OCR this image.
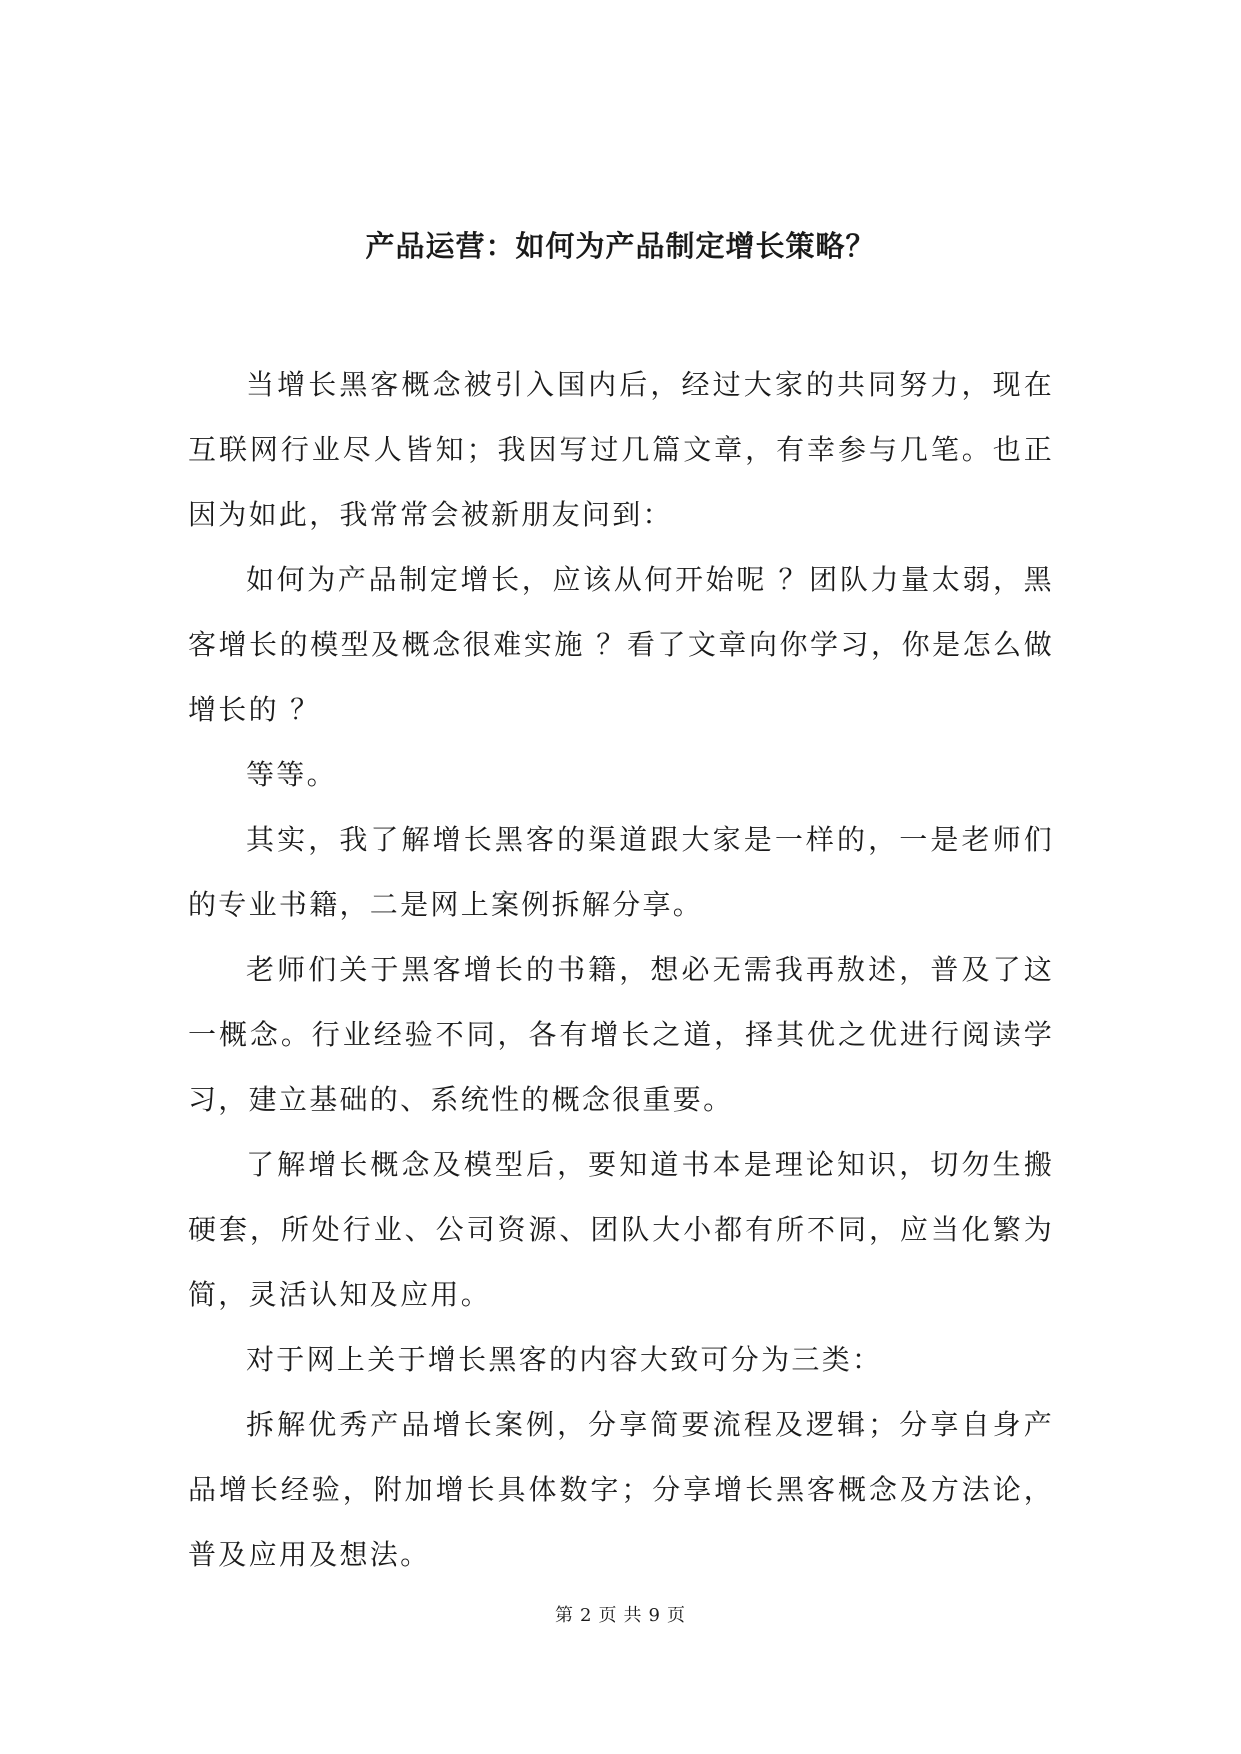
产品运营：如何为产品制定增长策略？

当增长黑客概念被引入国内后，经过大家的共同努力，现在互联网行业尽人皆知；我因写过几篇文章，有幸参与几笔。也正因为如此，我常常会被新朋友问到：

如何为产品制定增长，应该从何开始呢 ？团队力量太弱，黑客增长的模型及概念很难实施 ？看了文章向你学习，你是怎么做增长的 ？

等等。

其实，我了解增长黑客的渠道跟大家是一样的，一是老师们的专业书籍，二是网上案例拆解分享。

老师们关于黑客增长的书籍，想必无需我再敖述，普及了这一概念。行业经验不同，各有增长之道，择其优之优进行阅读学习，建立基础的、系统性的概念很重要。

了解增长概念及模型后，要知道书本是理论知识，切勿生搬硬套，所处行业、公司资源、团队大小都有所不同，应当化繁为简，灵活认知及应用。

对于网上关于增长黑客的内容大致可分为三类：

拆解优秀产品增长案例，分享简要流程及逻辑；分享自身产品增长经验，附加增长具体数字；分享增长黑客概念及方法论，普及应用及想法。

第 2 页 共 9 页
